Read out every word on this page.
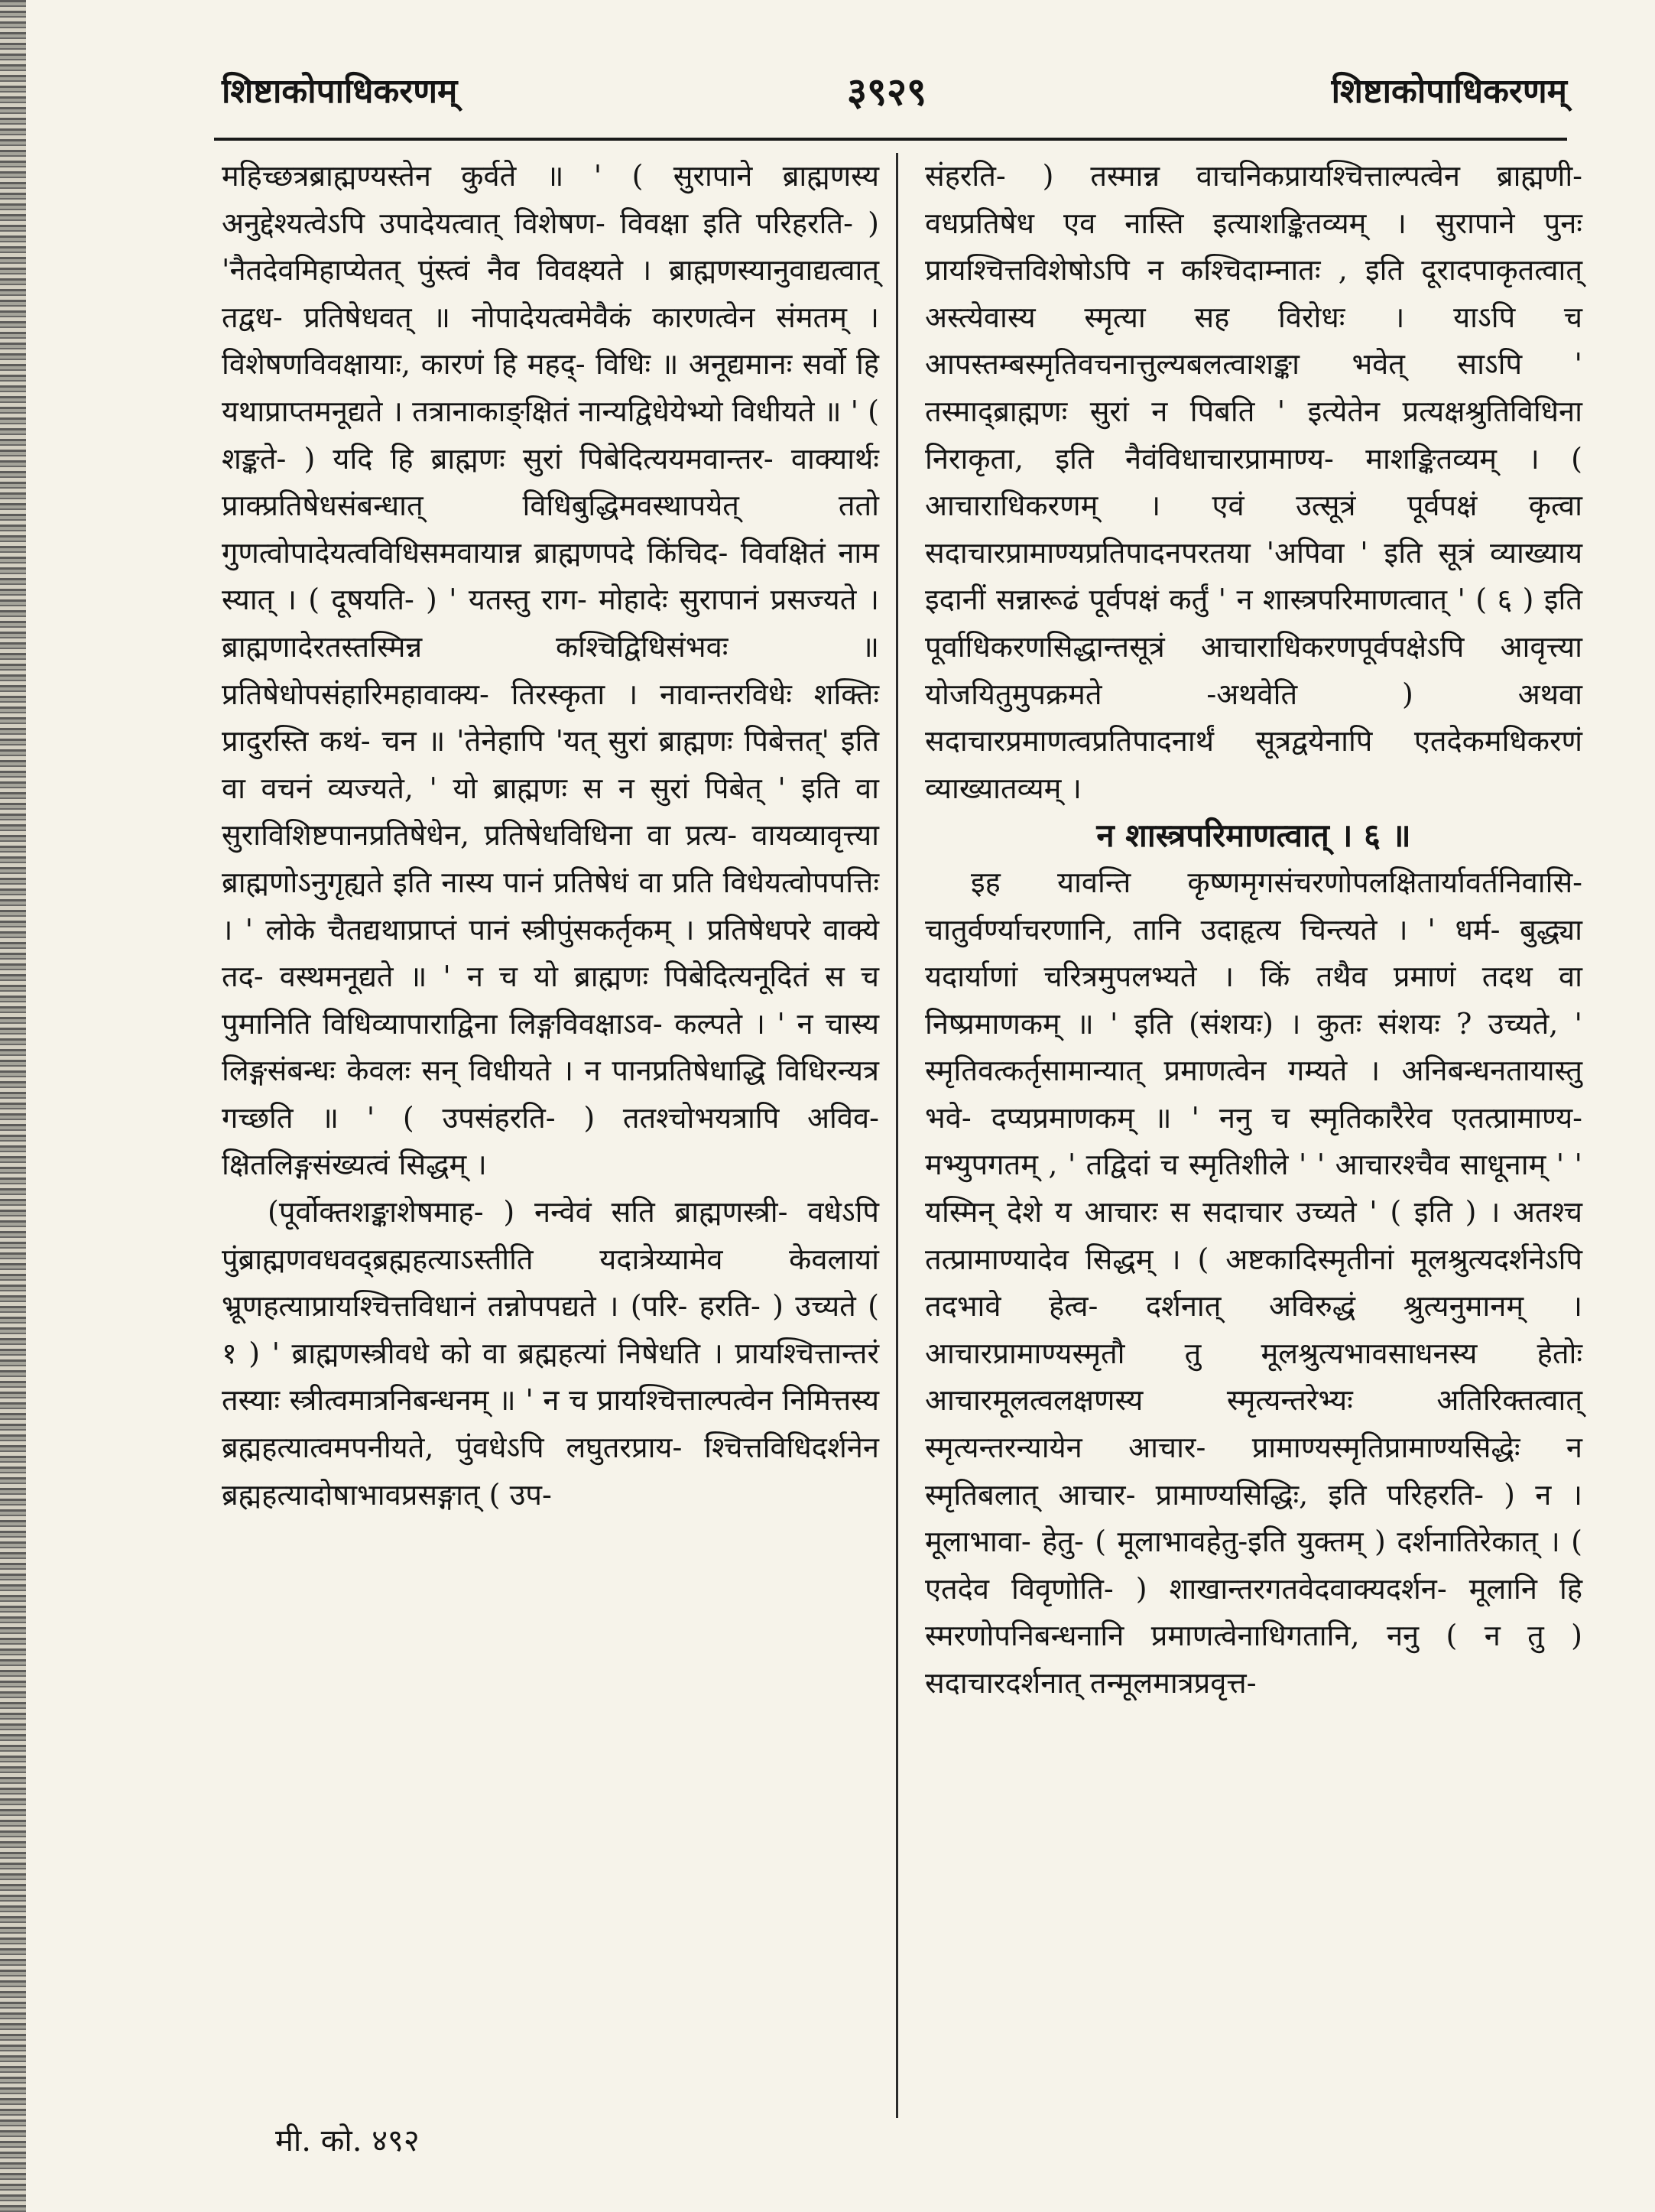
शिष्टाकोपाधिकरणम्	३९२९	शिष्टाकोपाधिकरणम्

महिच्छत्रब्राह्मण्यस्तेन कुर्वते ॥ ' ( सुरापाने ब्राह्मणस्य अनुद्देश्यत्वेऽपि उपादेयत्वात् विशेषण- विवक्षा इति परिहरति- ) 'नैतदेवमिहाप्येतत् पुंस्त्वं नैव विवक्ष्यते । ब्राह्मणस्यानुवाद्यत्वात् तद्वध- प्रतिषेधवत् ॥ नोपादेयत्वमेवैकं कारणत्वेन संमतम् । विशेषणविवक्षायाः, कारणं हि महद्- विधिः ॥ अनूद्यमानः सर्वो हि यथाप्राप्तमनूद्यते । तत्रानाकाङ्क्षितं नान्यद्विधेयेभ्यो विधीयते ॥ ' ( शङ्कते- ) यदि हि ब्राह्मणः सुरां पिबेदित्ययमवान्तर- वाक्यार्थः प्राक्प्रतिषेधसंबन्धात् विधिबुद्धिमवस्थापयेत् ततो गुणत्वोपादेयत्वविधिसमवायान्न ब्राह्मणपदे किंचिद- विवक्षितं नाम स्यात् । ( दूषयति- ) ' यतस्तु राग- मोहादेः सुरापानं प्रसज्यते । ब्राह्मणादेरतस्तस्मिन्न कश्चिद्विधिसंभवः ॥ प्रतिषेधोपसंहारिमहावाक्य- तिरस्कृता । नावान्तरविधेः शक्तिः प्रादुरस्ति कथं- चन ॥ 'तेनेहापि 'यत् सुरां ब्राह्मणः पिबेत्तत्' इति वा वचनं व्यज्यते, ' यो ब्राह्मणः स न सुरां पिबेत् ' इति वा सुराविशिष्टपानप्रतिषेधेन, प्रतिषेधविधिना वा प्रत्य- वायव्यावृत्त्या ब्राह्मणोऽनुगृह्यते इति नास्य पानं प्रतिषेधं वा प्रति विधेयत्वोपपत्तिः । ' लोके चैतद्यथाप्राप्तं पानं स्त्रीपुंसकर्तृकम् । प्रतिषेधपरे वाक्ये तद- वस्थमनूद्यते ॥ ' न च यो ब्राह्मणः पिबेदित्यनूदितं स च पुमानिति विधिव्यापाराद्विना लिङ्गविवक्षाऽव- कल्पते । ' न चास्य लिङ्गसंबन्धः केवलः सन् विधीयते । न पानप्रतिषेधाद्धि विधिरन्यत्र गच्छति ॥ ' ( उपसंहरति- ) ततश्चोभयत्रापि अविव- क्षितलिङ्गसंख्यत्वं सिद्धम् ।

(पूर्वोक्तशङ्काशेषमाह- ) नन्वेवं सति ब्राह्मणस्त्री- वधेऽपि पुंब्राह्मणवधवद्ब्रह्महत्याऽस्तीति यदात्रेय्यामेव केवलायां भ्रूणहत्याप्रायश्चित्तविधानं तन्नोपपद्यते । (परि- हरति- ) उच्यते ( १ ) ' ब्राह्मणस्त्रीवधे को वा ब्रह्महत्यां निषेधति । प्रायश्चित्तान्तरं तस्याः स्त्रीत्वमात्रनिबन्धनम् ॥ ' न च प्रायश्चित्ताल्पत्वेन निमित्तस्य ब्रह्महत्यात्वमपनीयते, पुंवधेऽपि लघुतरप्राय- श्चित्तविधिदर्शनेन ब्रह्महत्यादोषाभावप्रसङ्गात् ( उप-

संहरति- ) तस्मान्न वाचनिकप्रायश्चित्ताल्पत्वेन ब्राह्मणी- वधप्रतिषेध एव नास्ति इत्याशङ्कितव्यम् । सुरापाने पुनः प्रायश्चित्तविशेषोऽपि न कश्चिदाम्नातः , इति दूरादपाकृतत्वात् अस्त्येवास्य स्मृत्या सह विरोधः । याऽपि च आपस्तम्बस्मृतिवचनात्तुल्यबलत्वाशङ्का भवेत् साऽपि ' तस्माद्ब्राह्मणः सुरां न पिबति ' इत्येतेन प्रत्यक्षश्रुतिविधिना निराकृता, इति नैवंविधाचारप्रामाण्य- माशङ्कितव्यम् । ( आचाराधिकरणम् । एवं उत्सूत्रं पूर्वपक्षं कृत्वा सदाचारप्रामाण्यप्रतिपादनपरतया 'अपिवा ' इति सूत्रं व्याख्याय इदानीं सन्नारूढं पूर्वपक्षं कर्तुं ' न शास्त्रपरिमाणत्वात् ' ( ६ ) इति पूर्वाधिकरणसिद्धान्तसूत्रं आचाराधिकरणपूर्वपक्षेऽपि आवृत्त्या योजयितुमुपक्रमते -अथवेति ) अथवा सदाचारप्रमाणत्वप्रतिपादनार्थं सूत्रद्वयेनापि एतदेकमधिकरणं व्याख्यातव्यम् ।

न शास्त्रपरिमाणत्वात् । ६ ॥

इह यावन्ति कृष्णमृगसंचरणोपलक्षितार्यावर्तनिवासि- चातुर्वर्ण्याचरणानि, तानि उदाहृत्य चिन्त्यते । ' धर्म- बुद्ध्या यदार्याणां चरित्रमुपलभ्यते । किं तथैव प्रमाणं तदथ वा निष्प्रमाणकम् ॥ ' इति (संशयः) । कुतः संशयः ? उच्यते, ' स्मृतिवत्कर्तृसामान्यात् प्रमाणत्वेन गम्यते । अनिबन्धनतायास्तु भवे- दप्यप्रमाणकम् ॥ ' ननु च स्मृतिकारैरेव एतत्प्रामाण्य- मभ्युपगतम् , ' तद्विदां च स्मृतिशीले ' ' आचारश्चैव साधूनाम् ' ' यस्मिन् देशे य आचारः स सदाचार उच्यते ' ( इति ) । अतश्च तत्प्रामाण्यादेव सिद्धम् । ( अष्टकादिस्मृतीनां मूलश्रुत्यदर्शनेऽपि तदभावे हेत्व- दर्शनात् अविरुद्धं श्रुत्यनुमानम् । आचारप्रामाण्यस्मृतौ तु मूलश्रुत्यभावसाधनस्य हेतोः आचारमूलत्वलक्षणस्य स्मृत्यन्तरेभ्यः अतिरिक्तत्वात् स्मृत्यन्तरन्यायेन आचार- प्रामाण्यस्मृतिप्रामाण्यसिद्धेः न स्मृतिबलात् आचार- प्रामाण्यसिद्धिः, इति परिहरति- ) न । मूलाभावा- हेतु- ( मूलाभावहेतु-इति युक्तम् ) दर्शनातिरेकात् । ( एतदेव विवृणोति- ) शाखान्तरगतवेदवाक्यदर्शन- मूलानि हि स्मरणोपनिबन्धनानि प्रमाणत्वेनाधिगतानि, ननु ( न तु ) सदाचारदर्शनात् तन्मूलमात्रप्रवृत्त-

मी. को. ४९२
